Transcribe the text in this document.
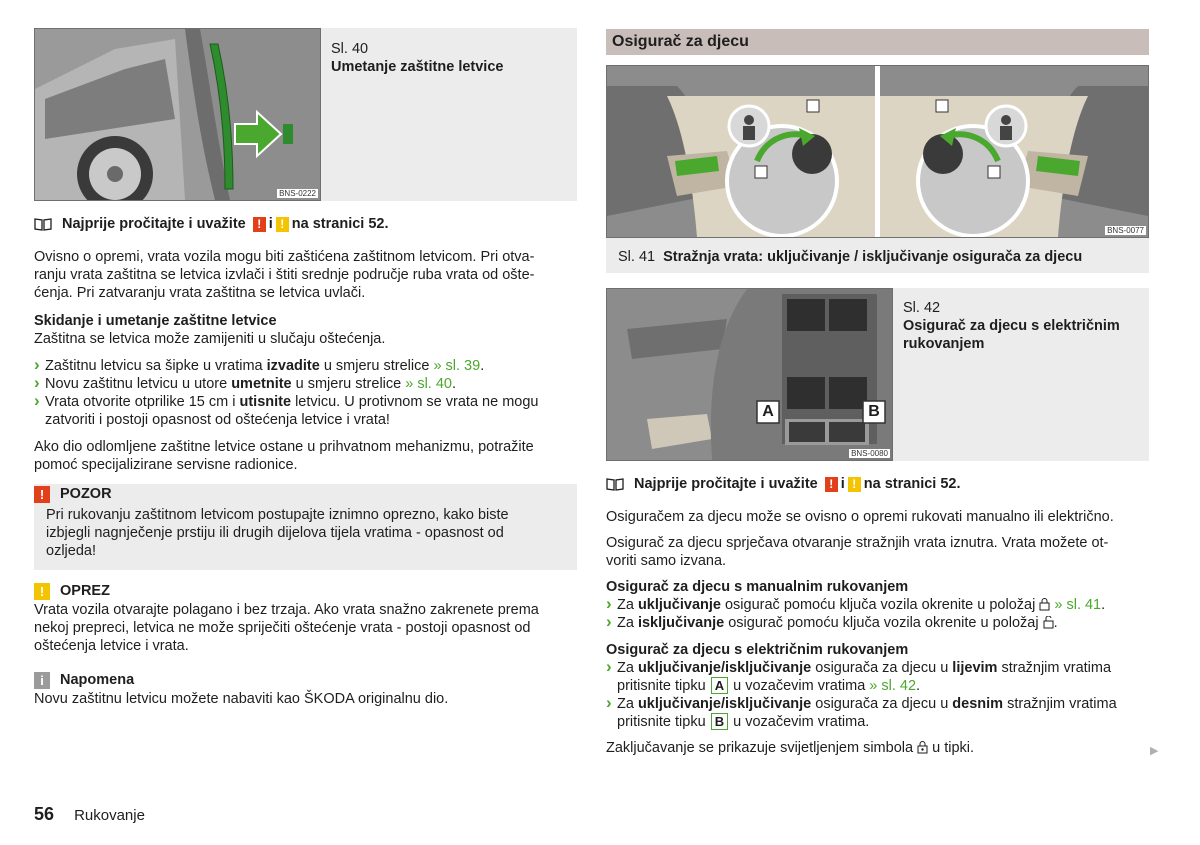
BNS-0222

Sl. 40

Umetanje zaštitne letvice

Najprije pročitajte i uvažite
! i ! na stranici 52.

Ovisno o opremi, vrata vozila mogu biti zaštićena zaštitnom letvicom. Pri otva-

ranju vrata zaštitna se letvica izvlači i štiti srednje područje ruba vrata od ošte-

ćenja. Pri zatvaranju vrata zaštitna se letvica uvlači.

Skidanje i umetanje zaštitne letvice

Zaštitna se letvica može zamijeniti u slučaju oštećenja.

› Zaštitnu letvicu sa šipke u vratima izvadite u smjeru strelice » sl. 39.
› Novu zaštitnu letvicu u utore umetnite u smjeru strelice » sl. 40.
› Vrata otvorite otprilike 15 cm i utisnite letvicu. U protivnom se vrata ne mogu
zatvoriti i postoji opasnost od oštećenja letvice i vrata!

Ako dio odlomljene zaštitne letvice ostane u prihvatnom mehanizmu, potražite

pomoć specijalizirane servisne radionice.

!	POZOR

Pri rukovanju zaštitnom letvicom postupajte iznimno oprezno, kako biste

izbjegli nagnječenje prstiju ili drugih dijelova tijela vratima - opasnost od

ozljeda!

!	OPREZ

Vrata vozila otvarajte polagano i bez trzaja. Ako vrata snažno zakrenete prema

nekoj prepreci, letvica ne može spriječiti oštećenje vrata - postoji opasnost od

oštećenja letvice i vrata.

i	Napomena

Novu zaštitnu letvicu možete nabaviti kao ŠKODA originalnu dio.

56 Rukovanje
Osigurač za djecu
BNS-0077
Sl. 41 Stražnja vrata: uključivanje / isključivanje osigurača za djecu
A	B
BNS-0080

Sl. 42

Osigurač za djecu s električnim

rukovanjem

Najprije pročitajte i uvažite
! i ! na stranici 52.

Osiguračem za djecu može se ovisno o opremi rukovati manualno ili električno.

Osigurač za djecu sprječava otvaranje stražnjih vrata iznutra. Vrata možete ot-

voriti samo izvana.

Osigurač za djecu s manualnim rukovanjem

› Za uključivanje osigurač pomoću ključa vozila okrenite u položaj » sl. 41.
› Za isključivanje osigurač pomoću ključa vozila okrenite u položaj .

Osigurač za djecu s električnim rukovanjem

› Za uključivanje/isključivanje osigurača za djecu u lijevim stražnjim vratima
pritisnite tipku A u vozačevim vratima » sl. 42.
› Za uključivanje/isključivanje osigurača za djecu u desnim stražnjim vratima
pritisnite tipku B u vozačevim vratima.

Zaključavanje se prikazuje svijetljenjem simbola  u tipki.	▶
